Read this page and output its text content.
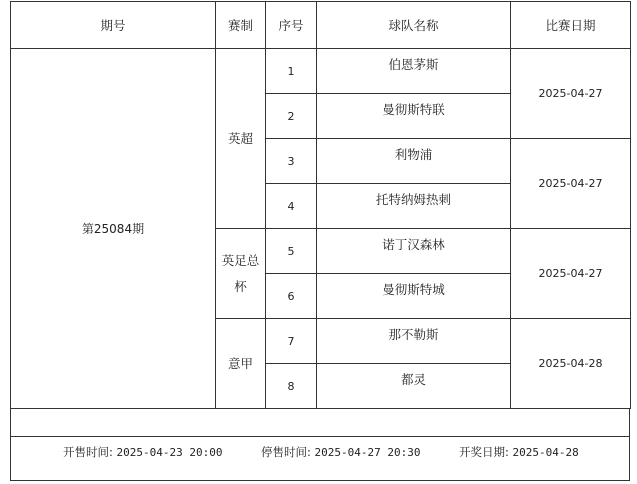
期号	赛制	序号	球队名称	比赛日期
第25084期	英超	1	伯恩茅斯	2025-04-27
		2	曼彻斯特联	
		3	利物浦	2025-04-27
		4	托特纳姆热刺	
	英足总杯	5	诺丁汉森林	2025-04-27
		6	曼彻斯特城	
	意甲	7	那不勒斯	2025-04-28
		8	都灵	
开售时间: 2025-04-23 20:00	停售时间: 2025-04-27 20:30	开奖日期: 2025-04-28
